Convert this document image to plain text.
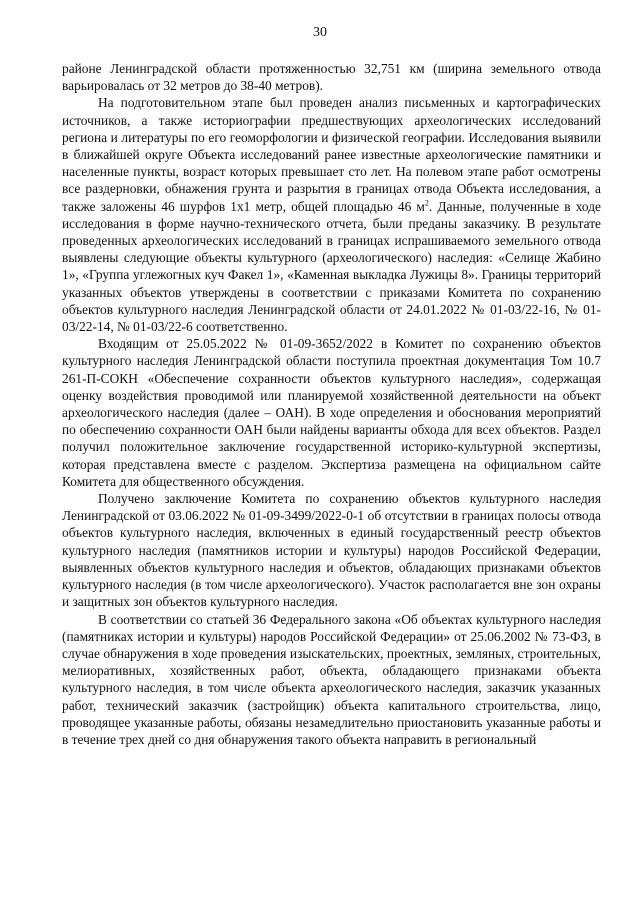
30

районе Ленинградской области протяженностью 32,751 км (ширина земельного отвода варьировалась от 32 метров до 38-40 метров).

На подготовительном этапе был проведен анализ письменных и картографических источников, а также историографии предшествующих археологических исследований региона и литературы по его геоморфологии и физической географии. Исследования выявили в ближайшей округе Объекта исследований ранее известные археологические памятники и населенные пункты, возраст которых превышает сто лет. На полевом этапе работ осмотрены все раздерновки, обнажения грунта и разрытия в границах отвода Объекта исследования, а также заложены 46 шурфов 1х1 метр, общей площадью 46 $м^2$. Данные, полученные в ходе исследования в форме научно-технического отчета, были преданы заказчику. В результате проведенных археологических исследований в границах испрашиваемого земельного отвода выявлены следующие объекты культурного (археологического) наследия: «Селище Жабино 1», «Группа углежогных куч Факел 1», «Каменная выкладка Лужицы 8». Границы территорий указанных объектов утверждены в соответствии с приказами Комитета по сохранению объектов культурного наследия Ленинградской области от 24.01.2022 № 01-03/22-16, № 01-03/22-14, № 01-03/22-6 соответственно.

Входящим от 25.05.2022 № 01-09-3652/2022 в Комитет по сохранению объектов культурного наследия Ленинградской области поступила проектная документация Том 10.7 261-П-СОКН «Обеспечение сохранности объектов культурного наследия», содержащая оценку воздействия проводимой или планируемой хозяйственной деятельности на объект археологического наследия (далее – ОАН). В ходе определения и обоснования мероприятий по обеспечению сохранности ОАН были найдены варианты обхода для всех объектов. Раздел получил положительное заключение государственной историко-культурной экспертизы, которая представлена вместе с разделом. Экспертиза размещена на официальном сайте Комитета для общественного обсуждения.

Получено заключение Комитета по сохранению объектов культурного наследия Ленинградской от 03.06.2022 № 01-09-3499/2022-0-1 об отсутствии в границах полосы отвода объектов культурного наследия, включенных в единый государственный реестр объектов культурного наследия (памятников истории и культуры) народов Российской Федерации, выявленных объектов культурного наследия и объектов, обладающих признаками объектов культурного наследия (в том числе археологического). Участок располагается вне зон охраны и защитных зон объектов культурного наследия.

В соответствии со статьей 36 Федерального закона «Об объектах культурного наследия (памятниках истории и культуры) народов Российской Федерации» от 25.06.2002 № 73-ФЗ, в случае обнаружения в ходе проведения изыскательских, проектных, земляных, строительных, мелиоративных, хозяйственных работ, объекта, обладающего признаками объекта культурного наследия, в том числе объекта археологического наследия, заказчик указанных работ, технический заказчик (застройщик) объекта капитального строительства, лицо, проводящее указанные работы, обязаны незамедлительно приостановить указанные работы и в течение трех дней со дня обнаружения такого объекта направить в региональный
